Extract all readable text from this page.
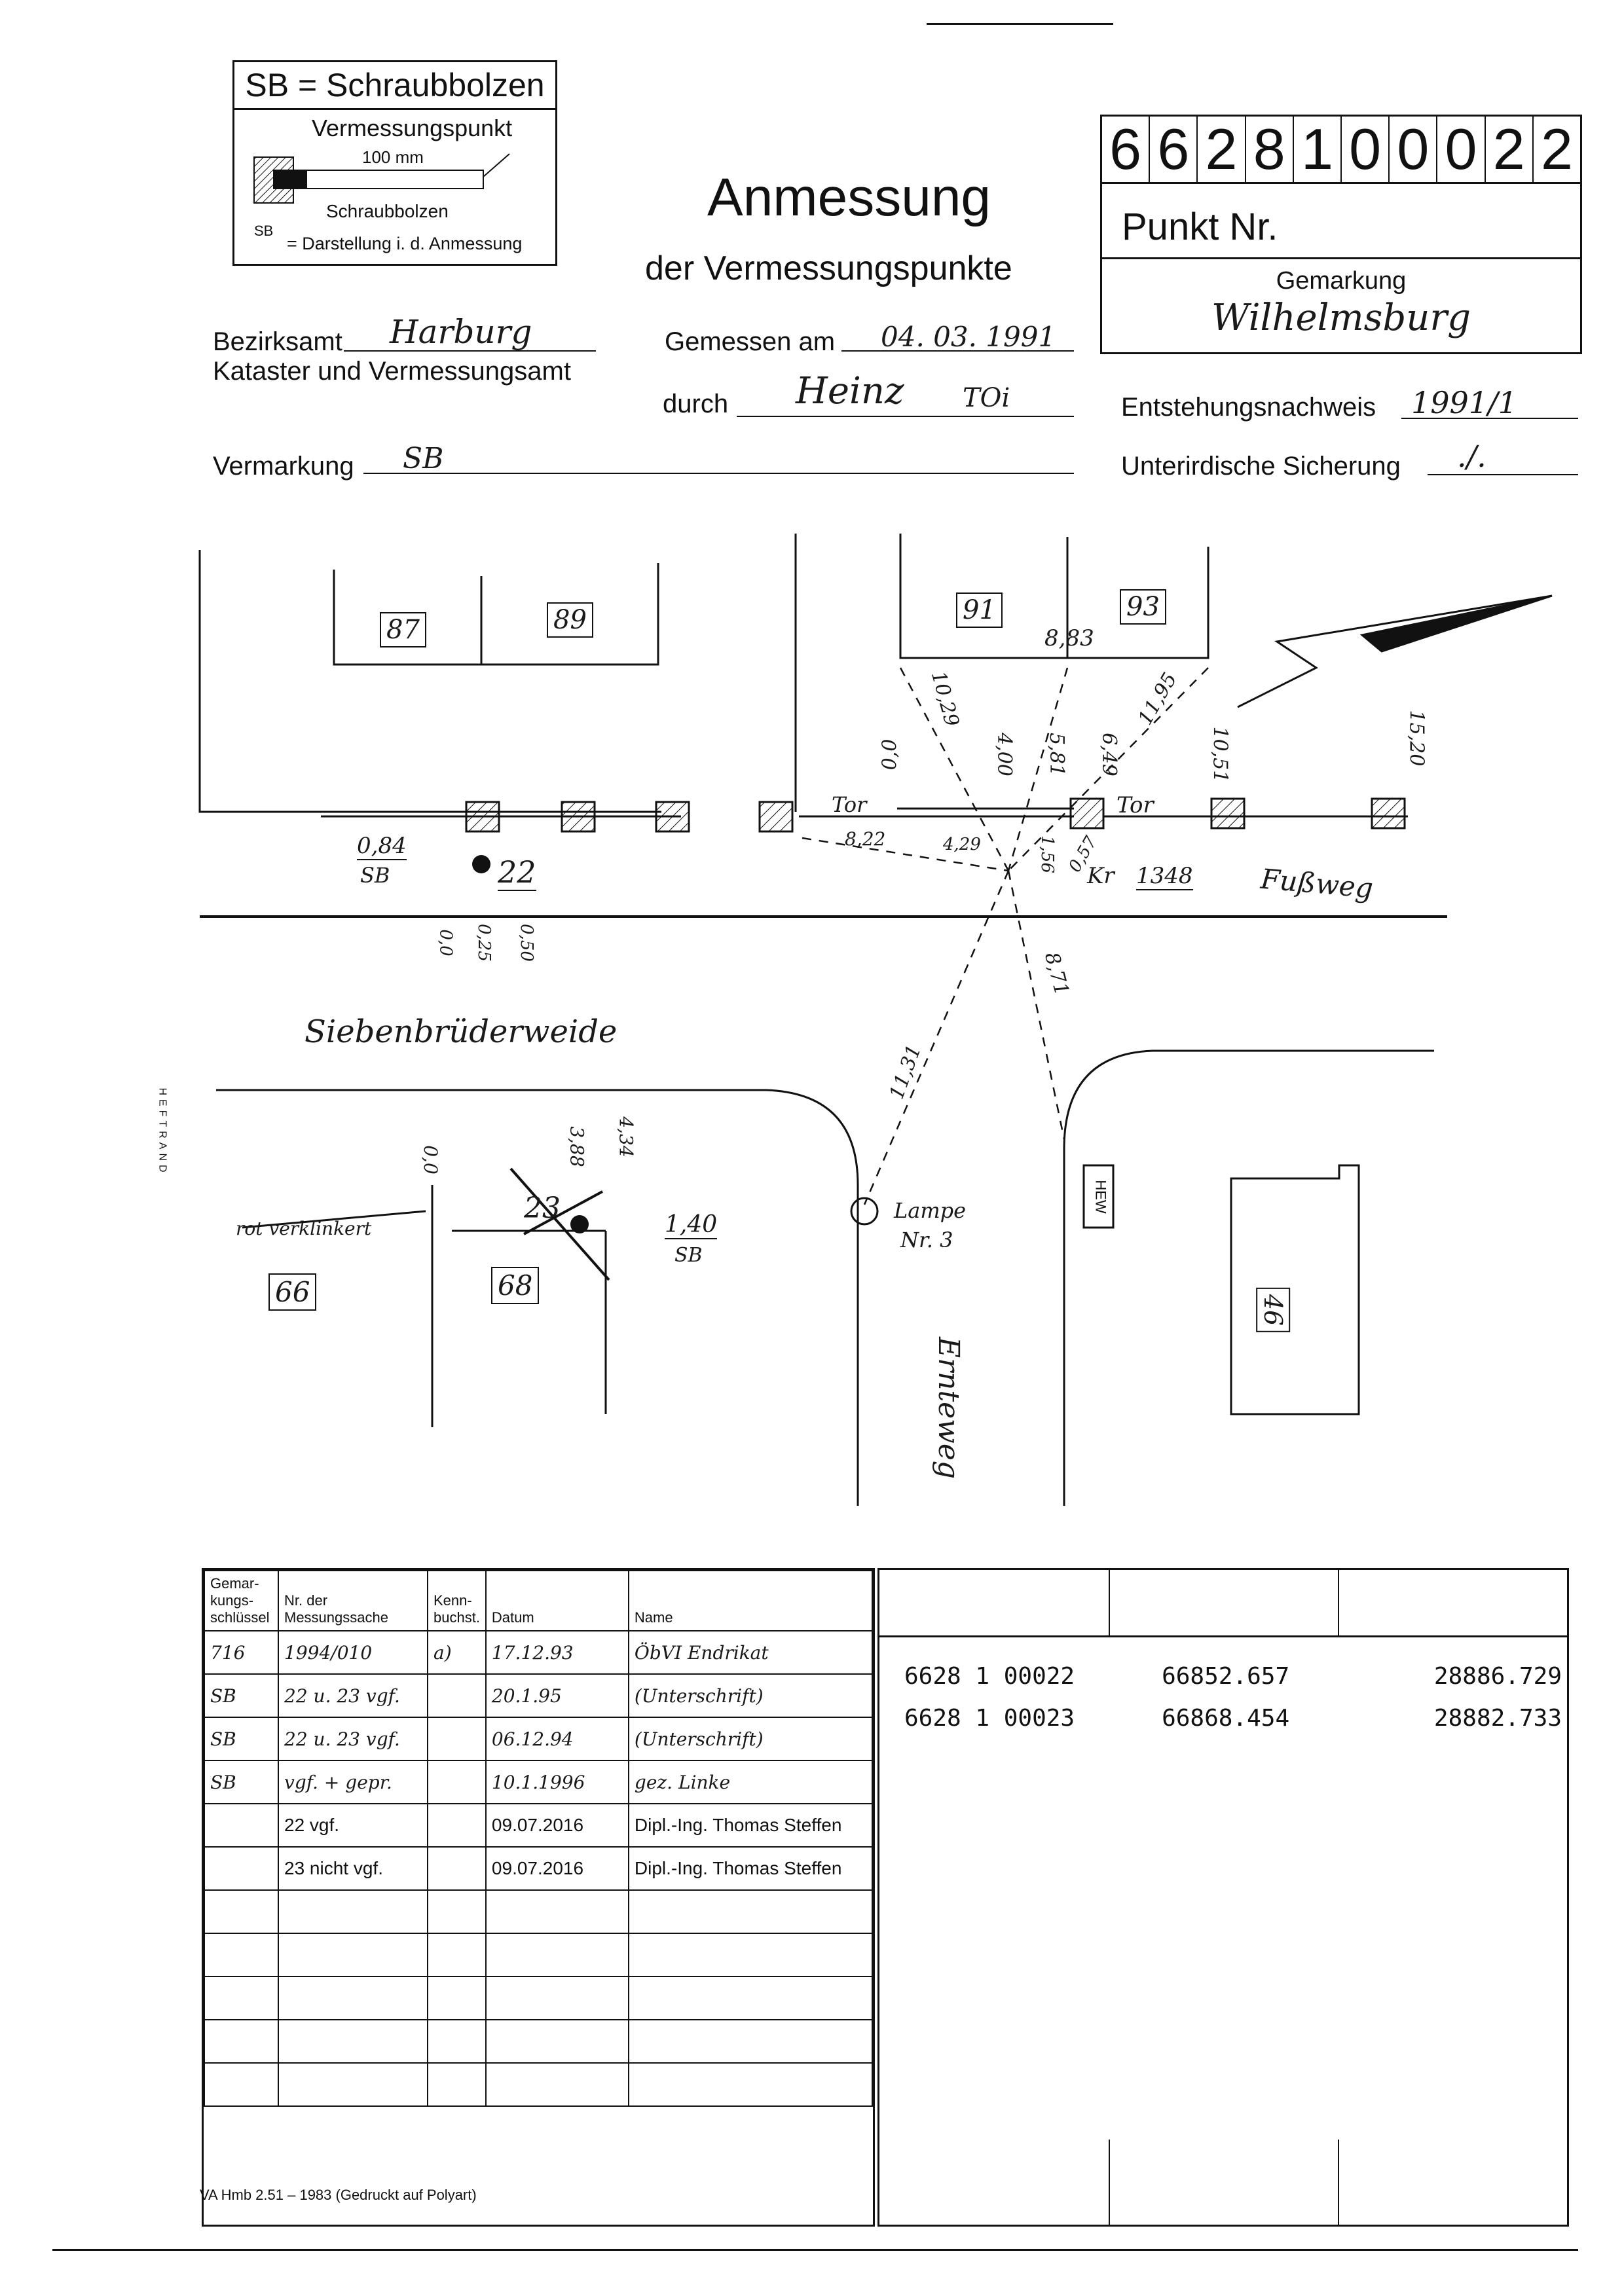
SB = Schraubbolzen
Vermessungspunkt
100 mm
Schraubbolzen
SB
= Darstellung i. d. Anmessung
Anmessung
der Vermessungspunkte
6 6 2 8 1 0 0 0 2 2
Punkt Nr.
Gemarkung
Wilhelmsburg
Bezirksamt Harburg
Kataster und Vermessungsamt
Gemessen am 04. 03. 1991
durch Heinz TOi	Entstehungsnachweis 1991/1
Vermarkung SB	Unterirdische Sicherung ./.
87	89	91	93
8,83
10,29
0,0	4,00 5,81 6,49
11,95
10,51	15,20
0,84
SB	22
Tor	Tor
8,22	4,29	1,56 0,57
Kr 1348 Fußweg
0,0 0,25 0,50
Siebenbrüderweide
11,31
8,71
0,0	3,88 4,34
rot verklinkert
23	1,40
SB
Lampe
Nr. 3
66	68
46
Ernteweg
HEW
HEFTRAND
Gemar-kungs-schlüssel	Nr. der Messungssache	Kenn-buchst.	Datum	Name
716	1994/010	a)	17.12.93	ÖbVI Endrikat
SB	22 u. 23 vgf.		20.1.95	(Unterschrift)
SB	22 u. 23 vgf.		06.12.94	(Unterschrift)
SB	vgf. + gepr.		10.1.1996	gez. Linke
	22 vgf.		09.07.2016	Dipl.-Ing. Thomas Steffen
	23 nicht vgf.		09.07.2016	Dipl.-Ing. Thomas Steffen

6628 1 00022	66852.657	28886.729
6628 1 00023	66868.454	28882.733
VA Hmb 2.51 – 1983 (Gedruckt auf Polyart)
